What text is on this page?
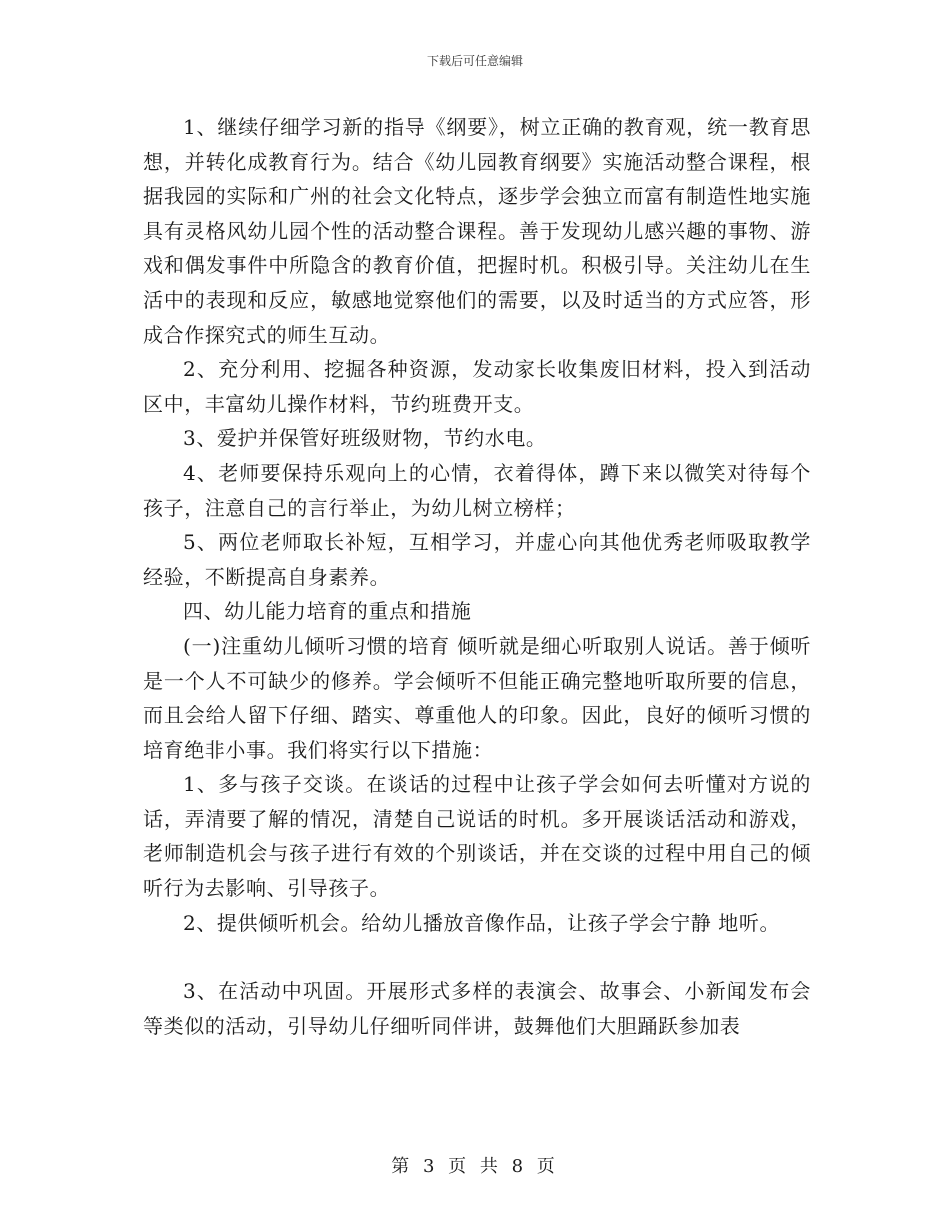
下载后可任意编辑

1、继续仔细学习新的指导《纲要》，树立正确的教育观，统一教育思想，并转化成教育行为。结合《幼儿园教育纲要》实施活动整合课程，根据我园的实际和广州的社会文化特点，逐步学会独立而富有制造性地实施具有灵格风幼儿园个性的活动整合课程。善于发现幼儿感兴趣的事物、游戏和偶发事件中所隐含的教育价值，把握时机。积极引导。关注幼儿在生活中的表现和反应，敏感地觉察他们的需要，以及时适当的方式应答，形成合作探究式的师生互动。

2、充分利用、挖掘各种资源，发动家长收集废旧材料，投入到活动区中，丰富幼儿操作材料，节约班费开支。

3、爱护并保管好班级财物，节约水电。

4、老师要保持乐观向上的心情，衣着得体，蹲下来以微笑对待每个孩子，注意自己的言行举止，为幼儿树立榜样；

5、两位老师取长补短，互相学习，并虚心向其他优秀老师吸取教学经验，不断提高自身素养。

四、幼儿能力培育的重点和措施

(一)注重幼儿倾听习惯的培育 倾听就是细心听取别人说话。善于倾听是一个人不可缺少的修养。学会倾听不但能正确完整地听取所要的信息，而且会给人留下仔细、踏实、尊重他人的印象。因此，良好的倾听习惯的培育绝非小事。我们将实行以下措施：

1、多与孩子交谈。在谈话的过程中让孩子学会如何去听懂对方说的话，弄清要了解的情况，清楚自己说话的时机。多开展谈话活动和游戏，老师制造机会与孩子进行有效的个别谈话，并在交谈的过程中用自己的倾听行为去影响、引导孩子。

2、提供倾听机会。给幼儿播放音像作品，让孩子学会宁静 地听。

3、在活动中巩固。开展形式多样的表演会、故事会、小新闻发布会等类似的活动，引导幼儿仔细听同伴讲，鼓舞他们大胆踊跃参加表

第 3 页 共 8 页
